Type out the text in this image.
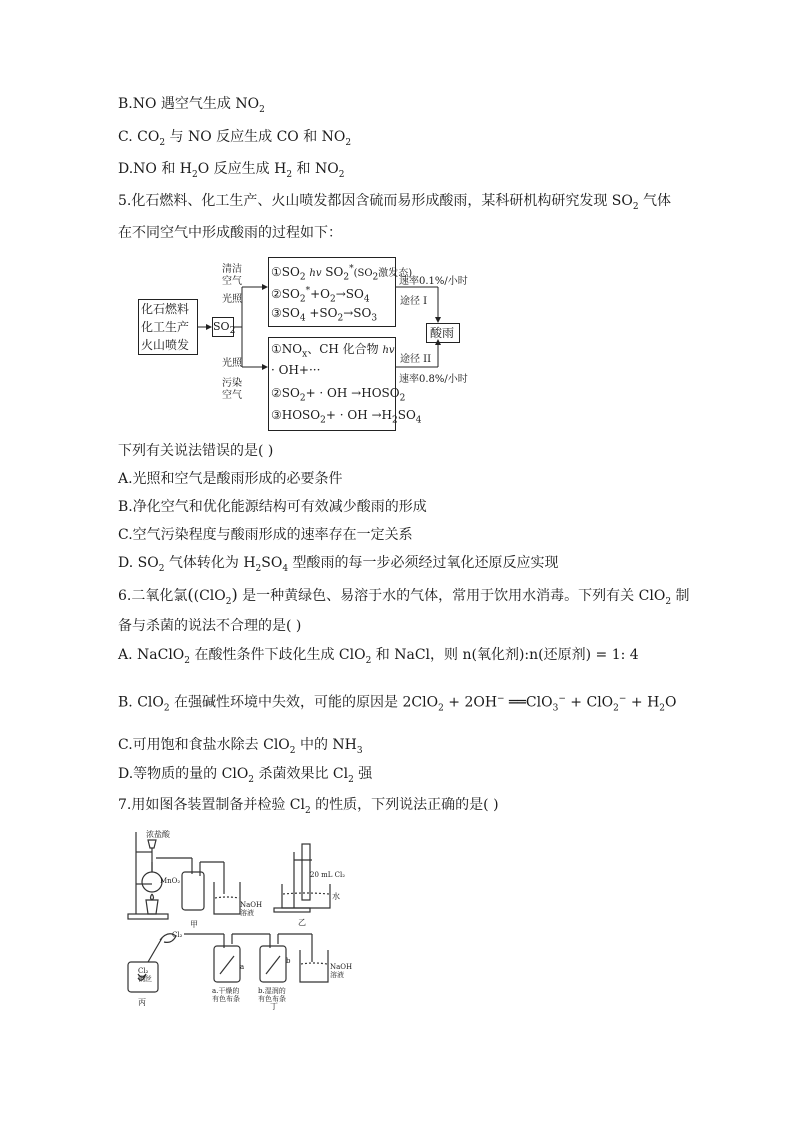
B.NO 遇空气生成 $NO_2$
C. $CO_2$ 与 NO 反应生成 CO 和 $NO_2$
D.NO 和 $H_2O$ 反应生成 $H_2$ 和 $NO_2$
5.化石燃料、化工生产、火山喷发都因含硫而易形成酸雨，某科研机构研究发现 $SO_2$ 气体
在不同空气中形成酸雨的过程如下：
化石燃料
化工生产
火山喷发
$SO_2$
清洁
空气
光照
光照
污染
空气
$①SO_2$ hv $SO_2^*(SO_2$激发态)
$②SO_2^*+O_2\to SO_4$
$③SO_4 +SO_2\to SO_3$
$①NO_x$、CH 化合物 hv
· OH+···
$②SO_2+$ · OH $\to HOSO_2$
$③HOSO_2+$ · OH $\to H_2SO_4$
速率0.1%/小时
途径 I
途径 II
速率0.8%/小时
酸雨
下列有关说法错误的是( )
A.光照和空气是酸雨形成的必要条件
B.净化空气和优化能源结构可有效减少酸雨的形成
C.空气污染程度与酸雨形成的速率存在一定关系
D. $SO_2$ 气体转化为 $H_2SO_4$ 型酸雨的每一步必须经过氧化还原反应实现
6.二氧化氯((ClO$_2$) 是一种黄绿色、易溶于水的气体，常用于饮用水消毒。下列有关 ClO$_2$ 制
备与杀菌的说法不合理的是( )
A. NaClO$_2$ 在酸性条件下歧化生成 ClO$_2$ 和 NaCl，则 n(氧化剂):n(还原剂) = 1: 4
B. ClO$_2$ 在强碱性环境中失效，可能的原因是 2ClO$_2$ + 2OH− ══ClO$_3$− + $ClO_2^- + H_2O$
C.可用饱和食盐水除去 ClO$_2$ 中的 $NH_3$
D.等物质的量的 ClO$_2$ 杀菌效果比 $Cl_2$ 强
7.用如图各装置制备并检验 $Cl_2$ 的性质，下列说法正确的是( )
浓盐酸
MnO₂
NaOH
溶液
甲
20 mL Cl₂
水
乙
Cl₂
a
b
NaOH
溶液
a.干燥的
有色布条
b.湿润的
有色布条
丁
Cl₂
铜丝
丙
